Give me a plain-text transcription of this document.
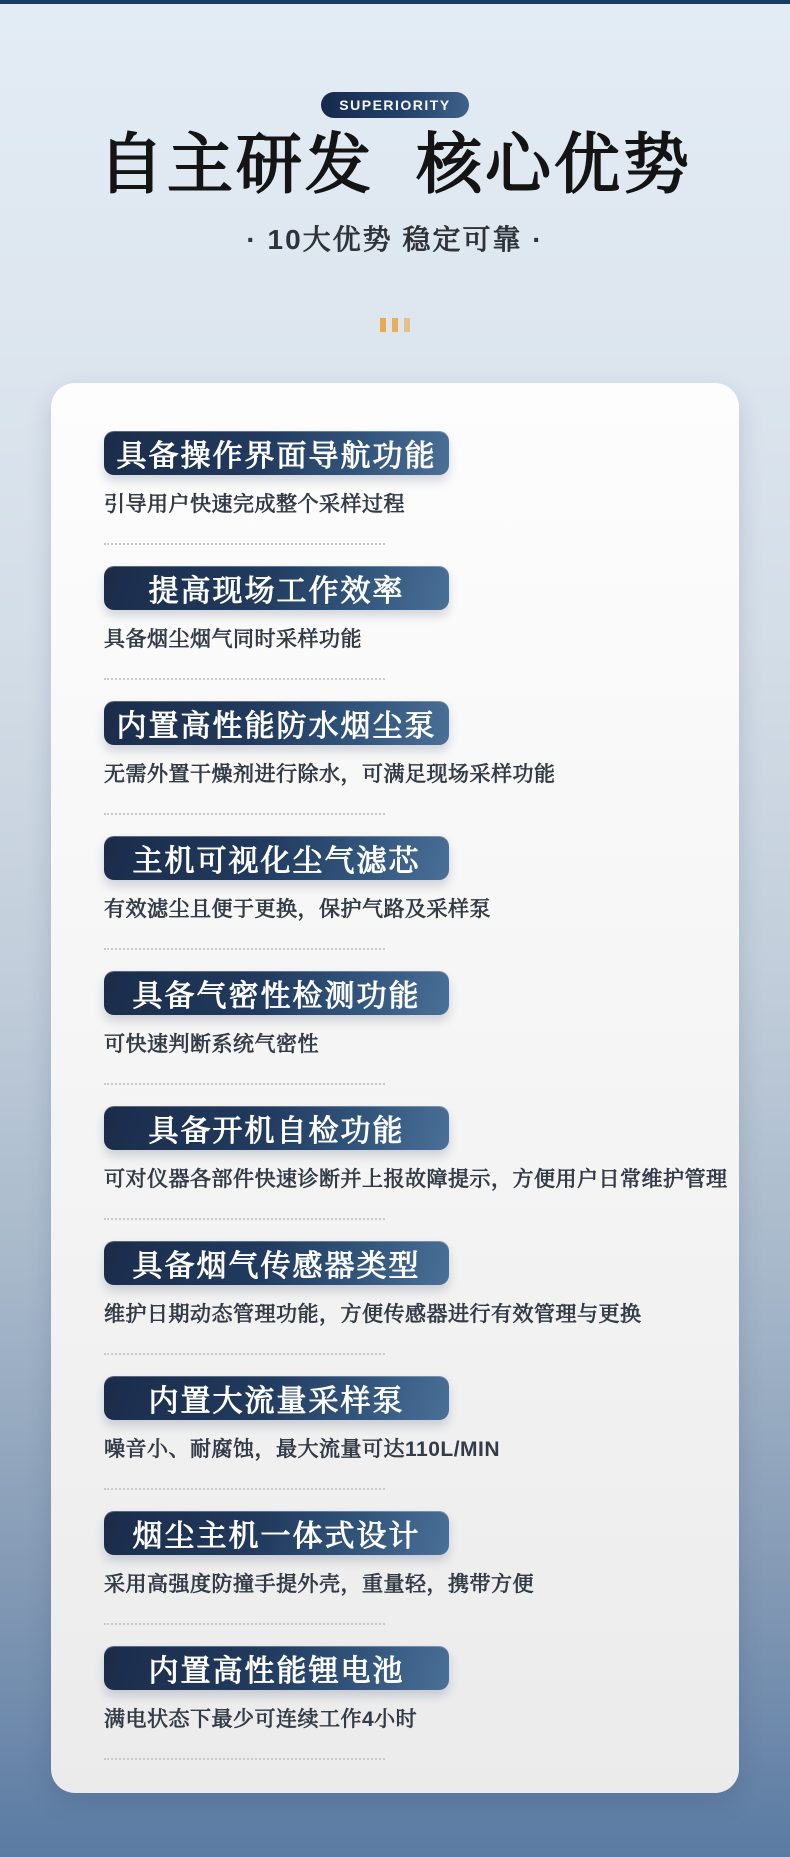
SUPERIORITY
自主研发 核心优势
· 10大优势 稳定可靠 ·
具备操作界面导航功能

引导用户快速完成整个采样过程

提高现场工作效率

具备烟尘烟气同时采样功能

内置高性能防水烟尘泵

无需外置干燥剂进行除水，可满足现场采样功能

主机可视化尘气滤芯

有效滤尘且便于更换，保护气路及采样泵

具备气密性检测功能

可快速判断系统气密性

具备开机自检功能

可对仪器各部件快速诊断并上报故障提示，方便用户日常维护管理

具备烟气传感器类型

维护日期动态管理功能，方便传感器进行有效管理与更换

内置大流量采样泵

噪音小、耐腐蚀，最大流量可达110L/MIN

烟尘主机一体式设计

采用高强度防撞手提外壳，重量轻，携带方便

内置高性能锂电池

满电状态下最少可连续工作4小时
